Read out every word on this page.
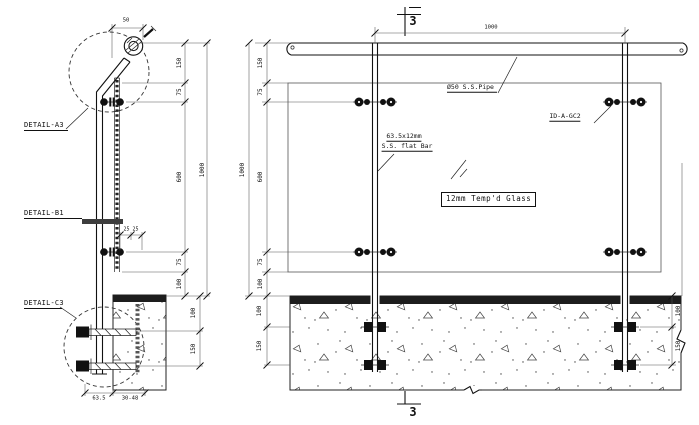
DETAIL-A3
DETAIL-B1
DETAIL-C3
50
150
75
600
75
100
1000
100
150
25 25
63.5	30-48
3
3
1000
150
75
600
75
100
1000
100
150
100
150
Ø50 S.S.Pipe
63.5x12mm
S.S. flat Bar
ID-A-GC2
12mm Temp'd Glass
